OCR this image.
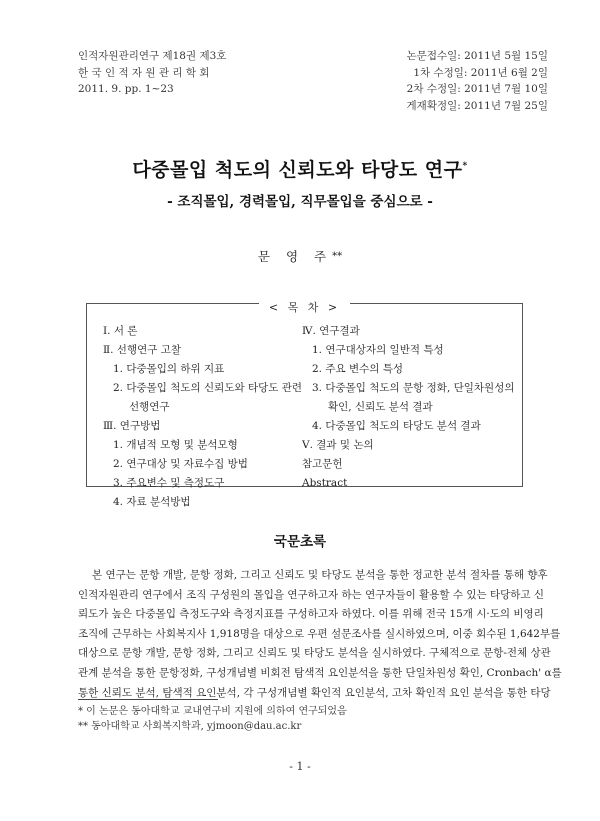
인적자원관리연구 제18권 제3호
한 국 인 적 자 원 관 리 학 회
2011. 9. pp. 1~23
논문접수일: 2011년 5월 15일
1차 수정일: 2011년 6월 2일
2차 수정일: 2011년 7월 10일
게재확정일: 2011년 7월 25일
다중몰입 척도의 신뢰도와 타당도 연구*
- 조직몰입, 경력몰입, 직무몰입을 중심으로 -
문 영 주**
< 목 차 >
Ⅰ. 서 론
Ⅱ. 선행연구 고찰
1. 다중몰입의 하위 지표
2. 다중몰입 척도의 신뢰도와 타당도 관련
선행연구
Ⅲ. 연구방법
1. 개념적 모형 및 분석모형
2. 연구대상 및 자료수집 방법
3. 주요변수 및 측정도구
4. 자료 분석방법
Ⅳ. 연구결과
1. 연구대상자의 일반적 특성
2. 주요 변수의 특성
3. 다중몰입 척도의 문항 정화, 단일차원성의
확인, 신뢰도 분석 결과
4. 다중몰입 척도의 타당도 분석 결과
Ⅴ. 결과 및 논의
참고문헌
Abstract
국문초록
본 연구는 문항 개발, 문항 정화, 그리고 신뢰도 및 타당도 분석을 통한 정교한 분석 절차를 통해 향후
인적자원관리 연구에서 조직 구성원의 몰입을 연구하고자 하는 연구자들이 활용할 수 있는 타당하고 신
뢰도가 높은 다중몰입 측정도구와 측정지표를 구성하고자 하였다. 이를 위해 전국 15개 시·도의 비영리
조직에 근무하는 사회복지사 1,918명을 대상으로 우편 설문조사를 실시하였으며, 이중 회수된 1,642부를
대상으로 문항 개발, 문항 정화, 그리고 신뢰도 및 타당도 분석을 실시하였다. 구체적으로 문항-전체 상관
관계 분석을 통한 문항정화, 구성개념별 비회전 탐색적 요인분석을 통한 단일차원성 확인, Cronbach' α를
통한 신뢰도 분석, 탐색적 요인분석, 각 구성개념별 확인적 요인분석, 고차 확인적 요인 분석을 통한 타당
* 이 논문은 동아대학교 교내연구비 지원에 의하여 연구되었음
** 동아대학교 사회복지학과, yjmoon@dau.ac.kr
- 1 -
